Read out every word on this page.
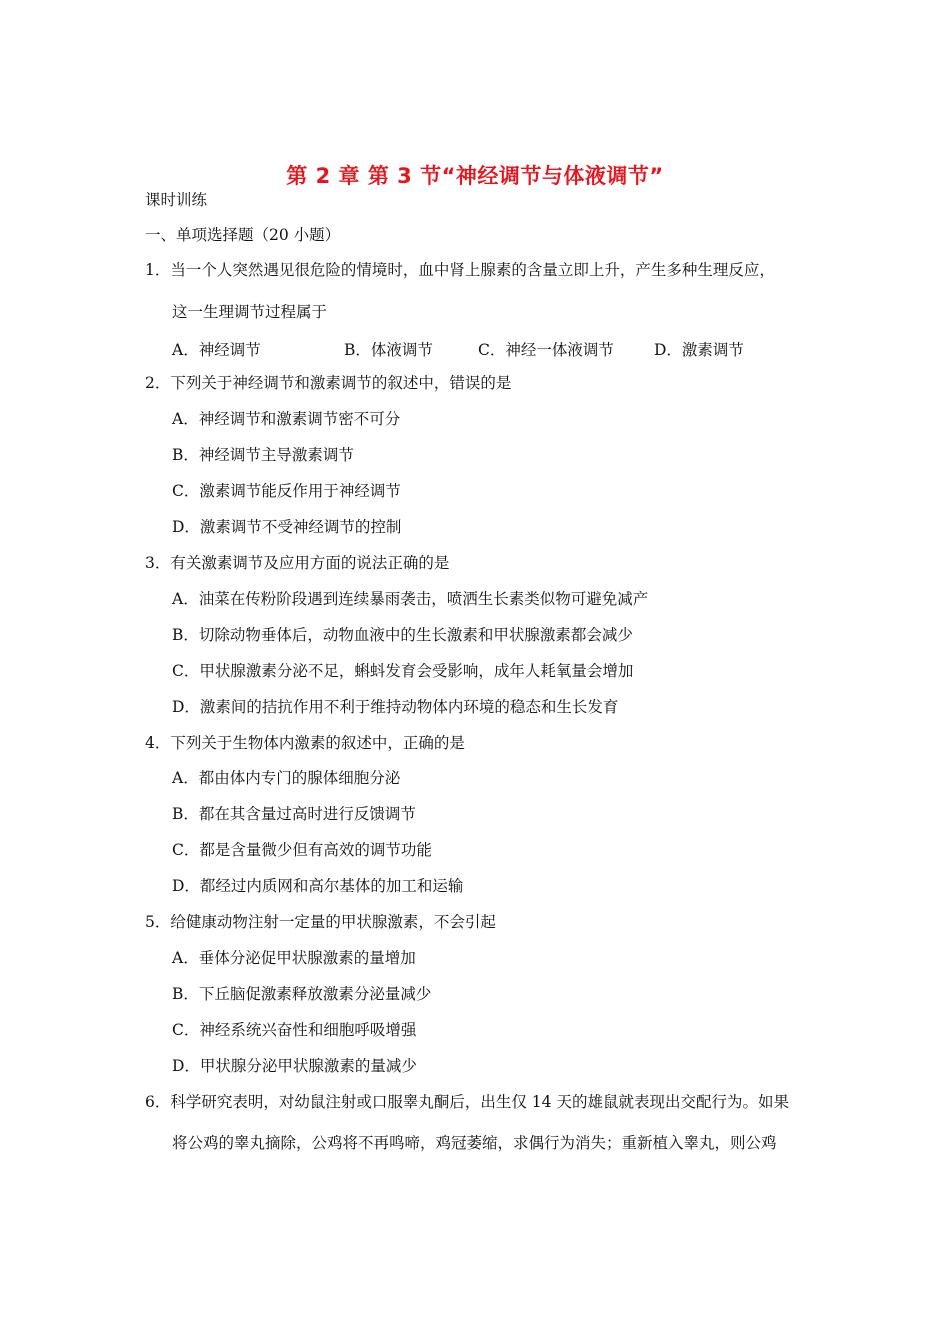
第 2 章 第 3 节“神经调节与体液调节”
课时训练
一、单项选择题（20 小题）
1．当一个人突然遇见很危险的情境时，血中肾上腺素的含量立即上升，产生多种生理反应，
这一生理调节过程属于
A．神经调节	B．体液调节	C．神经一体液调节	D．激素调节
2．下列关于神经调节和激素调节的叙述中，错误的是
A．神经调节和激素调节密不可分
B．神经调节主导激素调节
C．激素调节能反作用于神经调节
D．激素调节不受神经调节的控制
3．有关激素调节及应用方面的说法正确的是
A．油菜在传粉阶段遇到连续暴雨袭击，喷洒生长素类似物可避免减产
B．切除动物垂体后，动物血液中的生长激素和甲状腺激素都会减少
C．甲状腺激素分泌不足，蝌蚪发育会受影响，成年人耗氧量会增加
D．激素间的拮抗作用不利于维持动物体内环境的稳态和生长发育
4．下列关于生物体内激素的叙述中，正确的是
A．都由体内专门的腺体细胞分泌
B．都在其含量过高时进行反馈调节
C．都是含量微少但有高效的调节功能
D．都经过内质网和高尔基体的加工和运输
5．给健康动物注射一定量的甲状腺激素，不会引起
A．垂体分泌促甲状腺激素的量增加
B．下丘脑促激素释放激素分泌量减少
C．神经系统兴奋性和细胞呼吸增强
D．甲状腺分泌甲状腺激素的量减少
6．科学研究表明，对幼鼠注射或口服睾丸酮后，出生仅 14 天的雄鼠就表现出交配行为。如果
将公鸡的睾丸摘除，公鸡将不再鸣啼，鸡冠萎缩，求偶行为消失；重新植入睾丸，则公鸡
